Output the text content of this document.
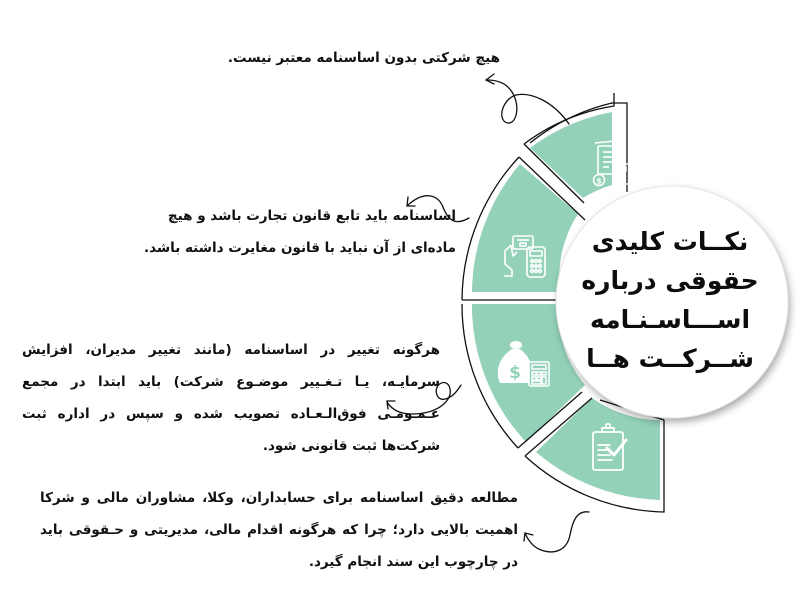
$
$
نکــات کلیدی
حقوقی درباره
اســـاسـنـامه
شــرکــت هــا

هیچ شرکتی بدون اساسنامه معتبر نیست.

اساسنامه باید تابع قانون تجارت باشد و هیچ ماده‌ای از آن نباید با قانون مغایرت داشته باشد.

هرگونه تغییر در اساسنامه (مانند تغییر مدیران، افزایش سرمایـه، یـا تـغـییر موضـوع شرکت) باید ابتدا در مجمع عـمـومـی فوق‌الـعـاده تصویب شده و سپس در اداره ثبت شرکت‌ها ثبت قانونی شود.

مطالعه دقیق اساسنامه برای حسابداران، وکلا، مشاوران مالی و شرکا اهمیت بالایی دارد؛ چرا که هرگونه اقدام مالی، مدیریتی و حـقوقی باید در چارچوب این سند انجام گیرد.
